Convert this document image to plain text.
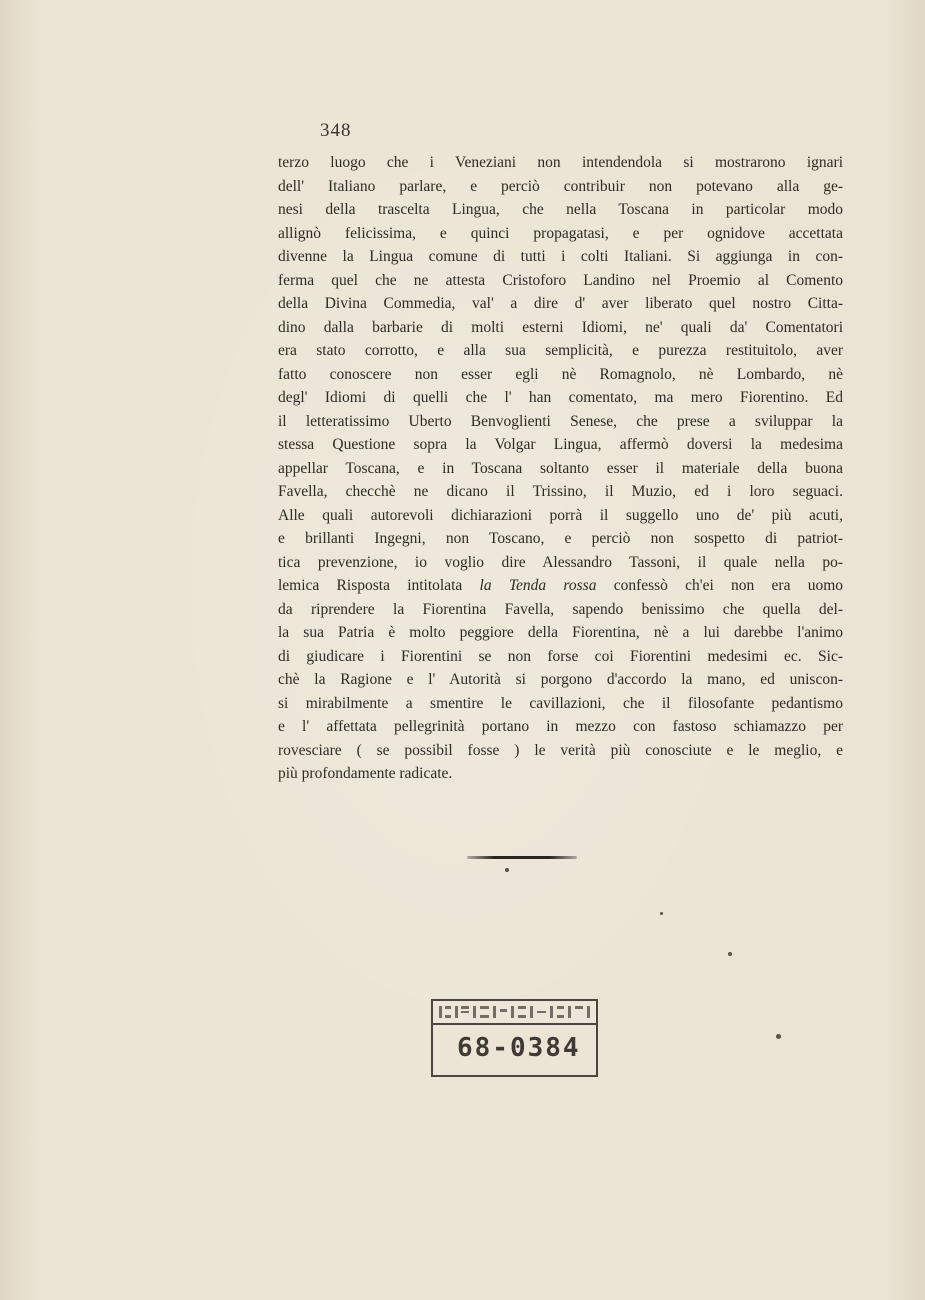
348
terzo luogo che i Veneziani non intendendola si mostrarono ignari
dell' Italiano parlare, e perciò contribuir non potevano alla ge-
nesi della trascelta Lingua, che nella Toscana in particolar modo
allignò felicissima, e quinci propagatasi, e per ognidove accettata
divenne la Lingua comune di tutti i colti Italiani. Si aggiunga in con-
ferma quel che ne attesta Cristoforo Landino nel Proemio al Comento
della Divina Commedia, val' a dire d' aver liberato quel nostro Citta-
dino dalla barbarie di molti esterni Idiomi, ne' quali da' Comentatori
era stato corrotto, e alla sua semplicità, e purezza restituitolo, aver
fatto conoscere non esser egli nè Romagnolo, nè Lombardo, nè
degl' Idiomi di quelli che l' han comentato, ma mero Fiorentino. Ed
il letteratissimo Uberto Benvoglienti Senese, che prese a sviluppar la
stessa Questione sopra la Volgar Lingua, affermò doversi la medesima
appellar Toscana, e in Toscana soltanto esser il materiale della buona
Favella, checchè ne dicano il Trissino, il Muzio, ed i loro seguaci.
Alle quali autorevoli dichiarazioni porrà il suggello uno de' più acuti,
e brillanti Ingegni, non Toscano, e perciò non sospetto di patriot-
tica prevenzione, io voglio dire Alessandro Tassoni, il quale nella po-
lemica Risposta intitolata la Tenda rossa confessò ch'ei non era uomo
da riprendere la Fiorentina Favella, sapendo benissimo che quella del-
la sua Patria è molto peggiore della Fiorentina, nè a lui darebbe l'animo
di giudicare i Fiorentini se non forse coi Fiorentini medesimi ec. Sic-
chè la Ragione e l' Autorità si porgono d'accordo la mano, ed uniscon-
si mirabilmente a smentire le cavillazioni, che il filosofante pedantismo
e l' affettata pellegrinità portano in mezzo con fastoso schiamazzo per
rovesciare ( se possibil fosse ) le verità più conosciute e le meglio, e
più profondamente radicate.
68-0384
